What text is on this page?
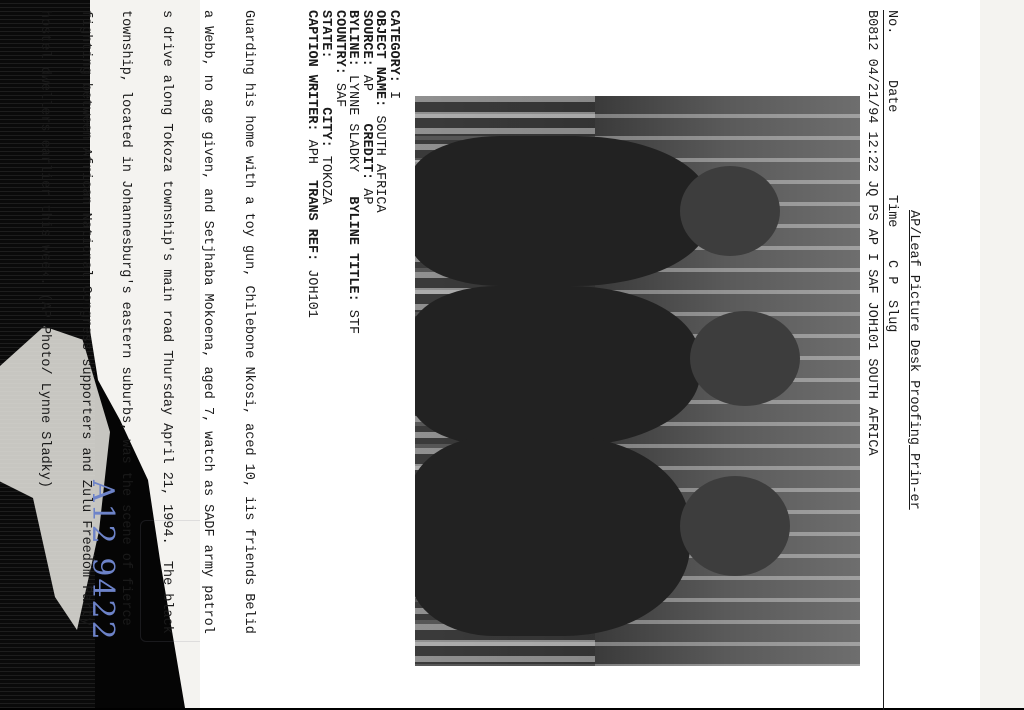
AP/Leaf Picture Desk Proofing Prin-er

No.

Date

Time

C P

Slug

B0812 04/21/94 12:22 JQ PS AP I SAF JOH101 SOUTH AFRICA
CATEGORY: I
OBJECT NAME: SOUTH AFRICA
SOURCE: AP    CREDIT: AP
BYLINE: LYNNE SLADKY   BYLINE TITLE: STF
COUNTRY: SAF
STATE:      CITY: TOKOZA
CAPTION WRITER: APH  TRANS REF: JOH101

Guarding his home with a toy gun, Chilebone Nkosi, aced 10, iis friends Belid

a Webb, no age given, and Setjhaba Mokoena, aged 7, watch as SADF army patrol

s drive along Tokoza township's main road Thursday April 21, 1994.  The black

township, located in Johannesburg's eastern suburbs, was the scene of fierce

fighting between African National Congress supporters and Zulu Freedom Party

hostel dwellers earlier this week. (AP Photo/ Lynne Sladky)

A12 9422
